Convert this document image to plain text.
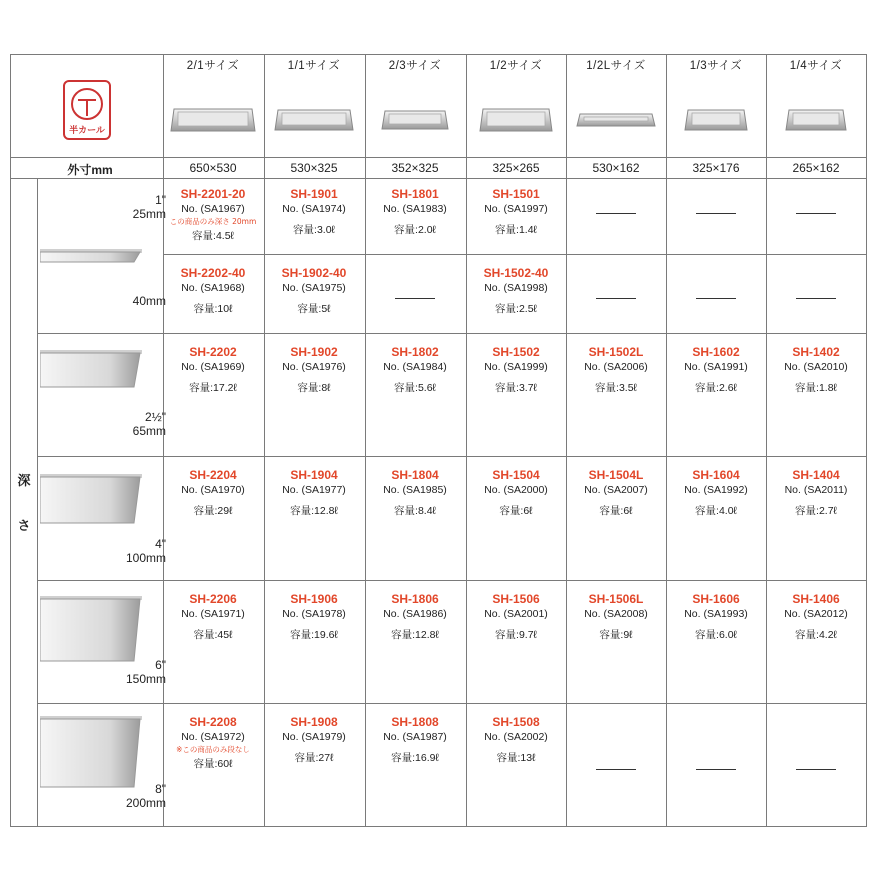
半カール
深
さ
外寸mm
2/1サイズ
650×530
1/1サイズ
530×325
2/3サイズ
352×325
1/2サイズ
325×265
1/2Lサイズ
530×162
1/3サイズ
325×176
1/4サイズ
265×162
1"
25mm
40mm
2½"
65mm
4"
100mm
6"
150mm
8"
200mm
SH-2201-20
No. (SA1967)
この商品のみ深さ 20mm
容量:4.5ℓ
SH-1901
No. (SA1974)
容量:3.0ℓ
SH-1801
No. (SA1983)
容量:2.0ℓ
SH-1501
No. (SA1997)
容量:1.4ℓ
SH-2202-40
No. (SA1968)
容量:10ℓ
SH-1902-40
No. (SA1975)
容量:5ℓ
SH-1502-40
No. (SA1998)
容量:2.5ℓ
SH-2202
No. (SA1969)
容量:17.2ℓ
SH-1902
No. (SA1976)
容量:8ℓ
SH-1802
No. (SA1984)
容量:5.6ℓ
SH-1502
No. (SA1999)
容量:3.7ℓ
SH-1502L
No. (SA2006)
容量:3.5ℓ
SH-1602
No. (SA1991)
容量:2.6ℓ
SH-1402
No. (SA2010)
容量:1.8ℓ
SH-2204
No. (SA1970)
容量:29ℓ
SH-1904
No. (SA1977)
容量:12.8ℓ
SH-1804
No. (SA1985)
容量:8.4ℓ
SH-1504
No. (SA2000)
容量:6ℓ
SH-1504L
No. (SA2007)
容量:6ℓ
SH-1604
No. (SA1992)
容量:4.0ℓ
SH-1404
No. (SA2011)
容量:2.7ℓ
SH-2206
No. (SA1971)
容量:45ℓ
SH-1906
No. (SA1978)
容量:19.6ℓ
SH-1806
No. (SA1986)
容量:12.8ℓ
SH-1506
No. (SA2001)
容量:9.7ℓ
SH-1506L
No. (SA2008)
容量:9ℓ
SH-1606
No. (SA1993)
容量:6.0ℓ
SH-1406
No. (SA2012)
容量:4.2ℓ
SH-2208
No. (SA1972)
※この商品のみ段なし
容量:60ℓ
SH-1908
No. (SA1979)
容量:27ℓ
SH-1808
No. (SA1987)
容量:16.9ℓ
SH-1508
No. (SA2002)
容量:13ℓ
